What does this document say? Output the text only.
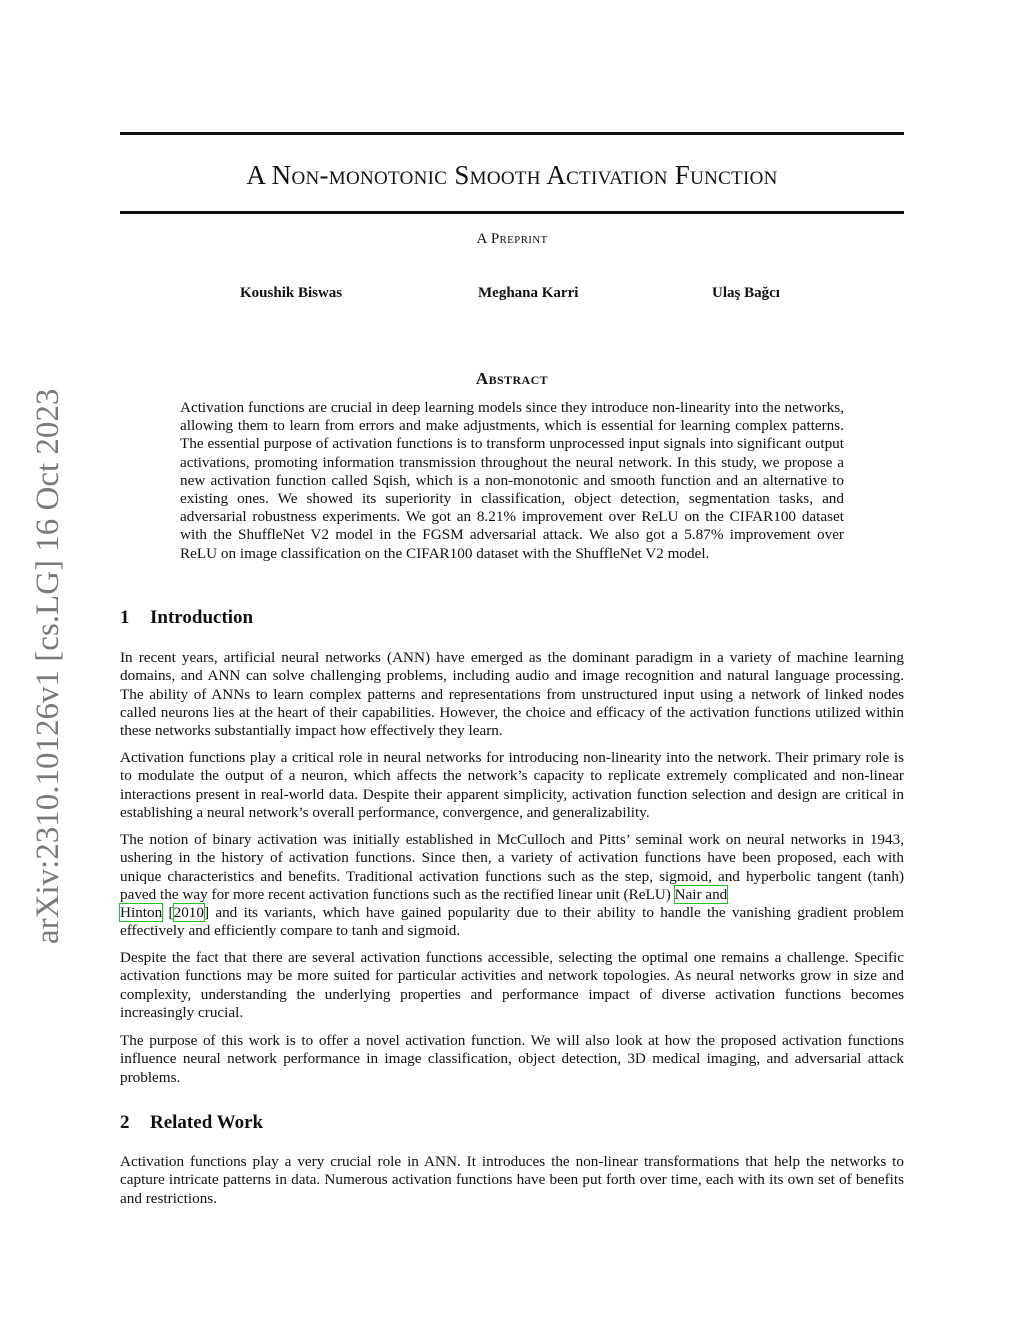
A Non-monotonic Smooth Activation Function
A Preprint
Koushik Biswas	Meghana Karri	Ulaş Bağcı
arXiv:2310.10126v1 [cs.LG] 16 Oct 2023
Abstract

Activation functions are crucial in deep learning models since they introduce non-linearity into the networks, allowing them to learn from errors and make adjustments, which is essential for learning complex patterns. The essential purpose of activation functions is to transform unprocessed input signals into significant output activations, promoting information transmission throughout the neural network. In this study, we propose a new activation function called Sqish, which is a non-monotonic and smooth function and an alternative to existing ones. We showed its superiority in classification, object detection, segmentation tasks, and adversarial robustness experiments. We got an 8.21% improvement over ReLU on the CIFAR100 dataset with the ShuffleNet V2 model in the FGSM adversarial attack. We also got a 5.87% improvement over ReLU on image classification on the CIFAR100 dataset with the ShuffleNet V2 model.

1 Introduction

In recent years, artificial neural networks (ANN) have emerged as the dominant paradigm in a variety of machine learning domains, and ANN can solve challenging problems, including audio and image recognition and natural language processing. The ability of ANNs to learn complex patterns and representations from unstructured input using a network of linked nodes called neurons lies at the heart of their capabilities. However, the choice and efficacy of the activation functions utilized within these networks substantially impact how effectively they learn.

Activation functions play a critical role in neural networks for introducing non-linearity into the network. Their primary role is to modulate the output of a neuron, which affects the network’s capacity to replicate extremely complicated and non-linear interactions present in real-world data. Despite their apparent simplicity, activation function selection and design are critical in establishing a neural network’s overall performance, convergence, and generalizability.

The notion of binary activation was initially established in McCulloch and Pitts’ seminal work on neural networks in 1943, ushering in the history of activation functions. Since then, a variety of activation functions have been proposed, each with unique characteristics and benefits. Traditional activation functions such as the step, sigmoid, and hyperbolic tangent (tanh) paved the way for more recent activation functions such as the rectified linear unit (ReLU) Nair and
Hinton [2010] and its variants, which have gained popularity due to their ability to handle the vanishing gradient problem effectively and efficiently compare to tanh and sigmoid.

Despite the fact that there are several activation functions accessible, selecting the optimal one remains a challenge. Specific activation functions may be more suited for particular activities and network topologies. As neural networks grow in size and complexity, understanding the underlying properties and performance impact of diverse activation functions becomes increasingly crucial.

The purpose of this work is to offer a novel activation function. We will also look at how the proposed activation functions influence neural network performance in image classification, object detection, 3D medical imaging, and adversarial attack problems.

2 Related Work

Activation functions play a very crucial role in ANN. It introduces the non-linear transformations that help the networks to capture intricate patterns in data. Numerous activation functions have been put forth over time, each with its own set of benefits and restrictions.
